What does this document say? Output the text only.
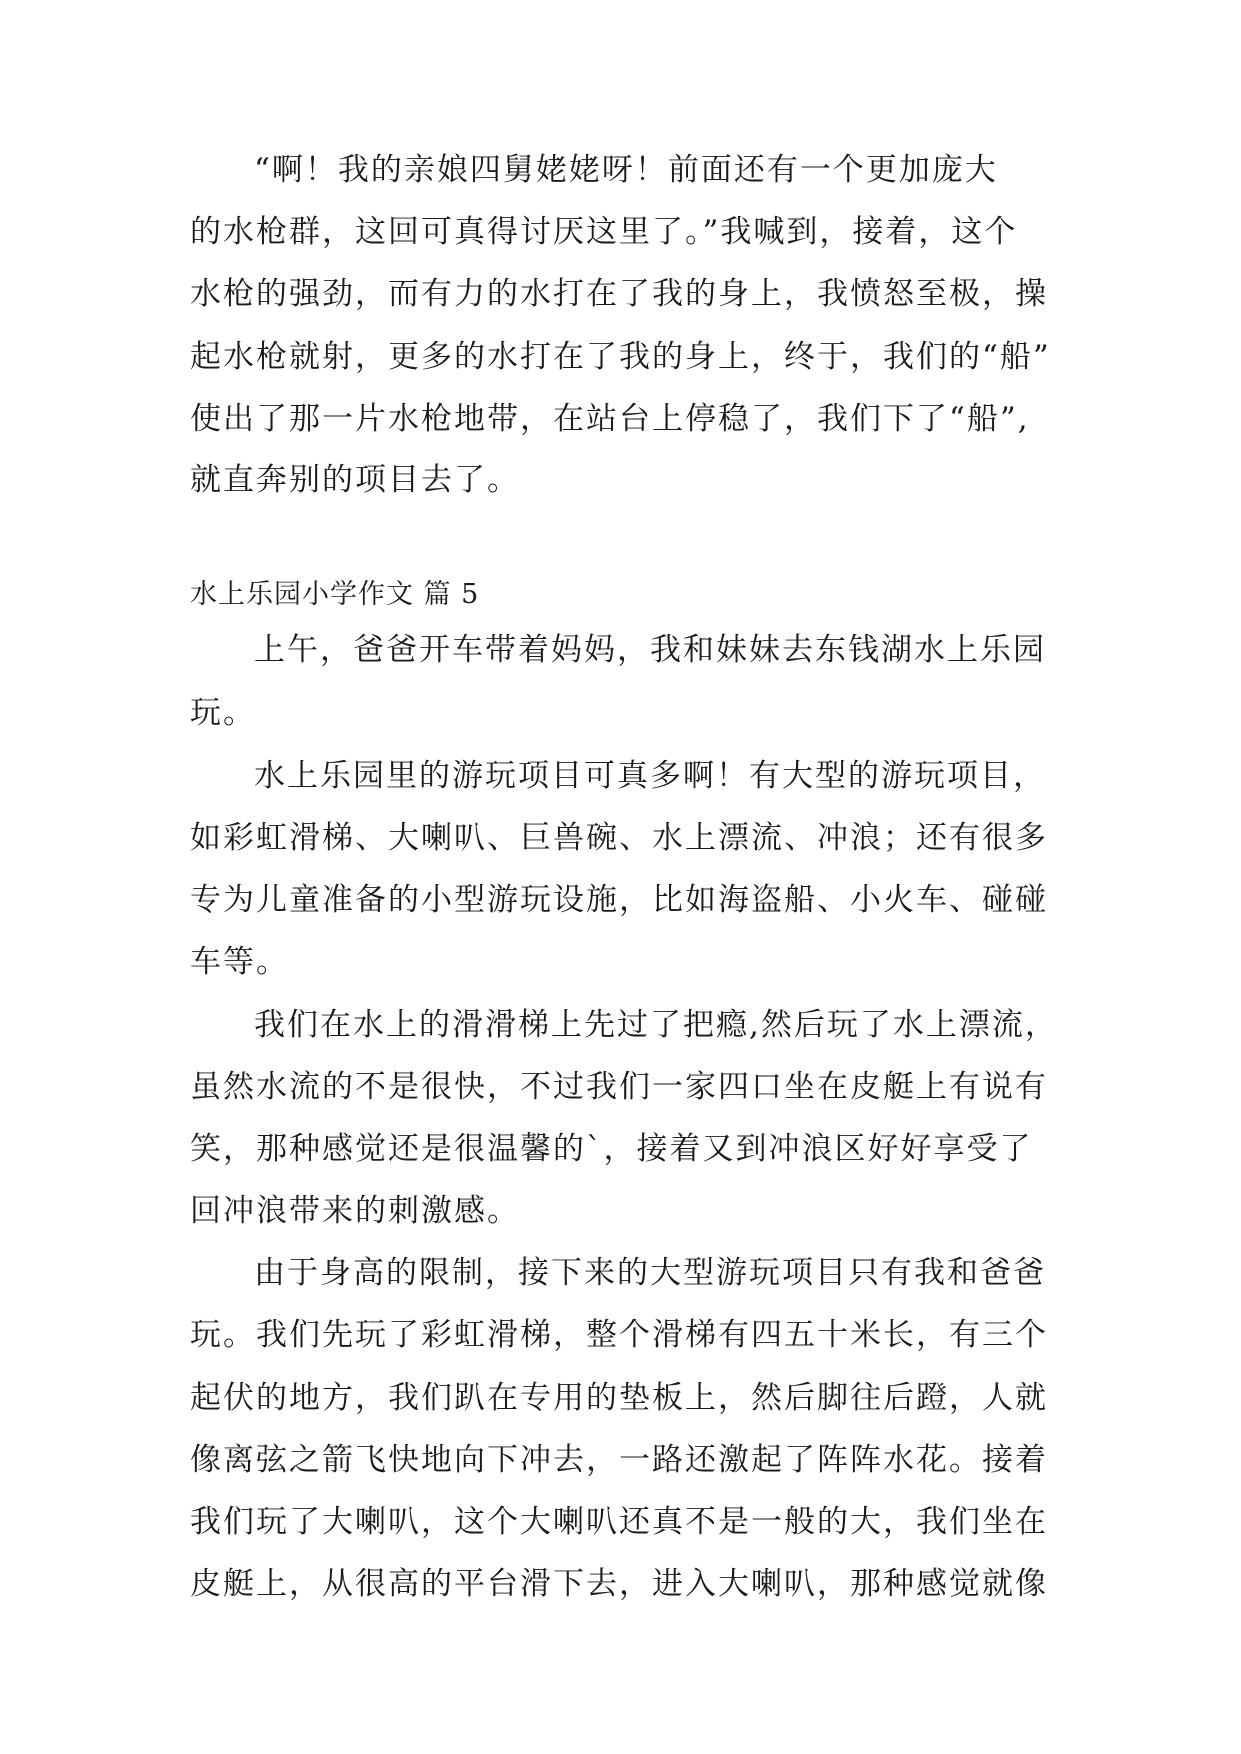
“啊！我的亲娘四舅姥姥呀！前面还有一个更加庞大
的水枪群，这回可真得讨厌这里了。”我喊到，接着，这个
水枪的强劲，而有力的水打在了我的身上，我愤怒至极，操
起水枪就射，更多的水打在了我的身上，终于，我们的“船”
使出了那一片水枪地带，在站台上停稳了，我们下了“船”,
就直奔别的项目去了。
水上乐园小学作文 篇 5
上午，爸爸开车带着妈妈，我和妹妹去东钱湖水上乐园
玩。
水上乐园里的游玩项目可真多啊！有大型的游玩项目，
如彩虹滑梯、大喇叭、巨兽碗、水上漂流、冲浪；还有很多
专为儿童准备的小型游玩设施，比如海盗船、小火车、碰碰
车等。
我们在水上的滑滑梯上先过了把瘾,然后玩了水上漂流，
虽然水流的不是很快，不过我们一家四口坐在皮艇上有说有
笑，那种感觉还是很温馨的`，接着又到冲浪区好好享受了
回冲浪带来的刺激感。
由于身高的限制，接下来的大型游玩项目只有我和爸爸
玩。我们先玩了彩虹滑梯，整个滑梯有四五十米长，有三个
起伏的地方，我们趴在专用的垫板上，然后脚往后蹬，人就
像离弦之箭飞快地向下冲去，一路还激起了阵阵水花。接着
我们玩了大喇叭，这个大喇叭还真不是一般的大，我们坐在
皮艇上，从很高的平台滑下去，进入大喇叭，那种感觉就像
